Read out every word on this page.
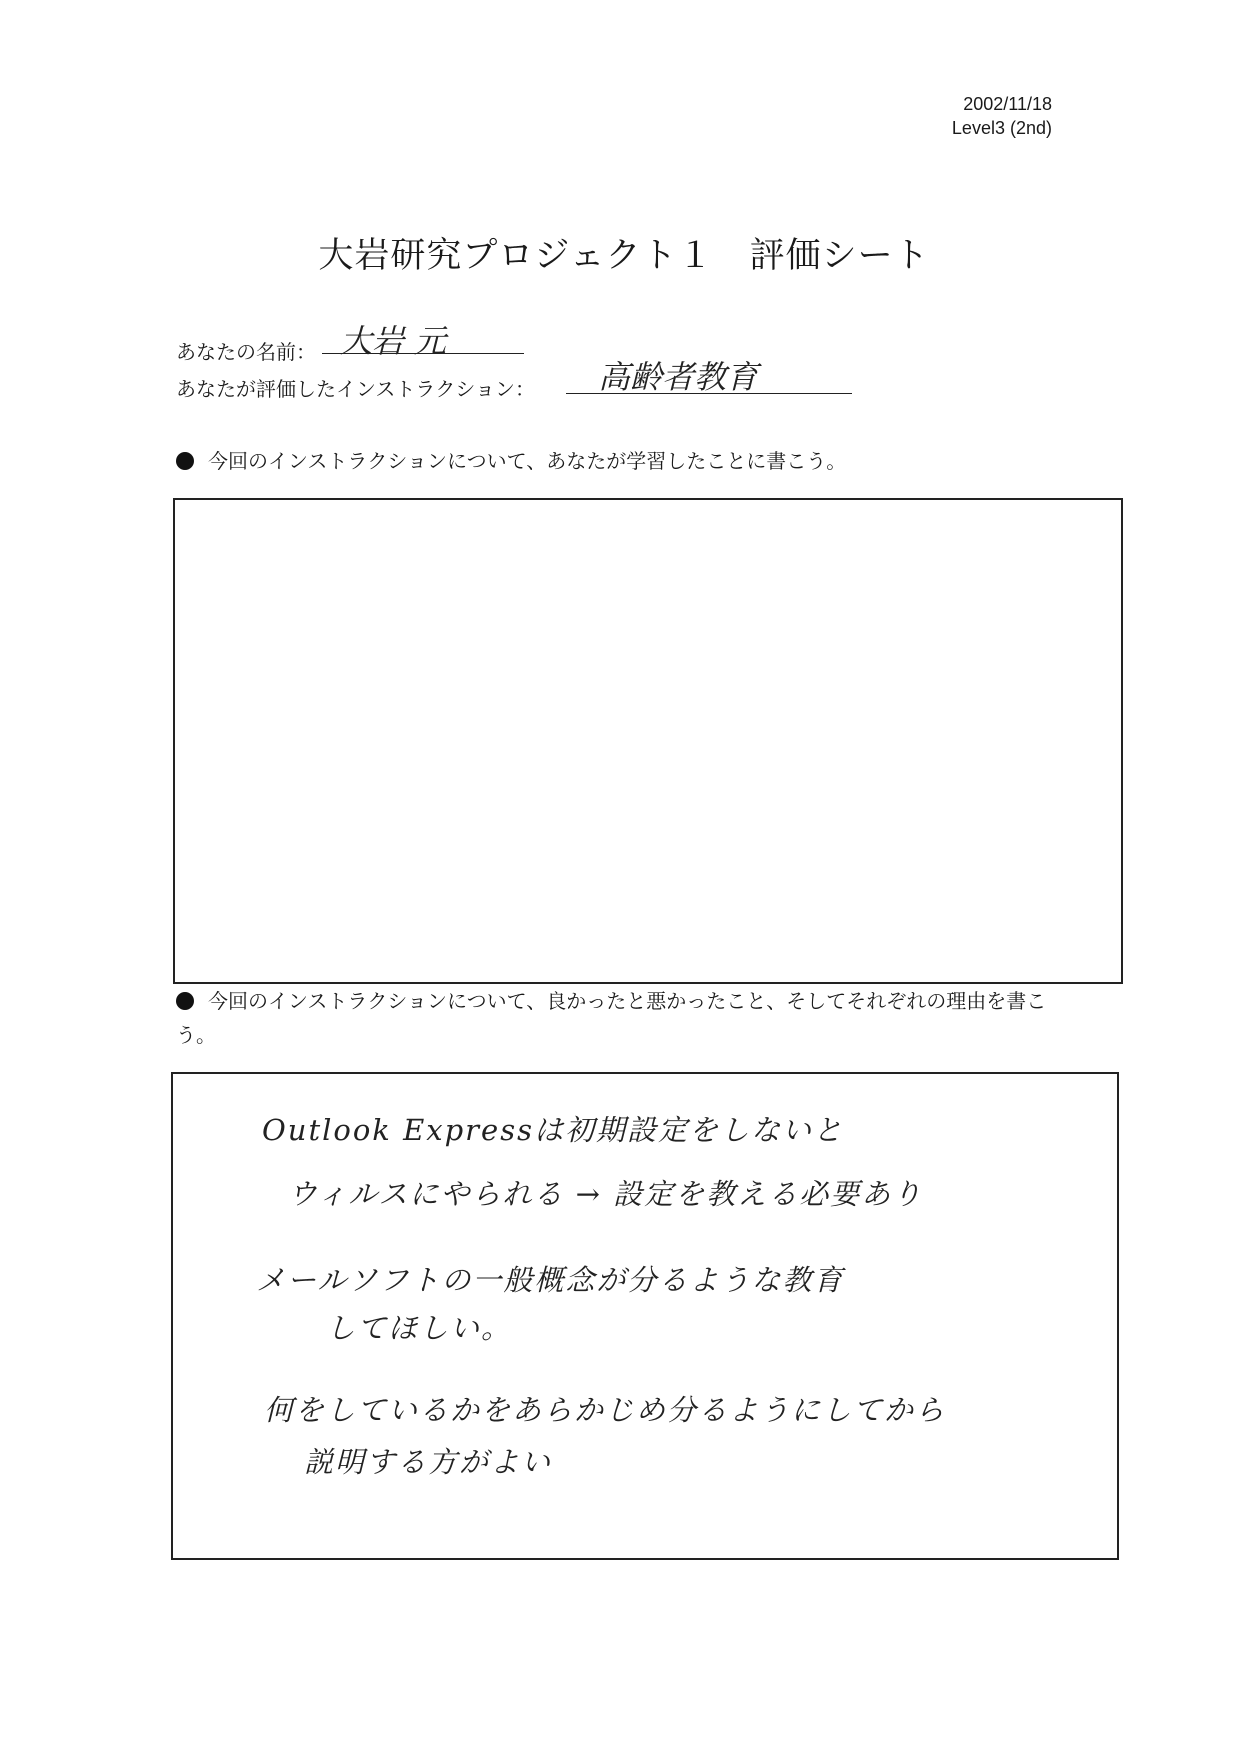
2002/11/18
Level3 (2nd)
大岩研究プロジェクト１　評価シート
あなたの名前： 大岩 元
あなたが評価したインストラクション： 高齢者教育
今回のインストラクションについて、あなたが学習したことに書こう。
今回のインストラクションについて、良かったと悪かったこと、そしてそれぞれの理由を書こう。
Outlook Expressは初期設定をしないと
ウィルスにやられる → 設定を教える必要あり
メールソフトの一般概念が分るような教育
してほしい。
何をしているかをあらかじめ分るようにしてから
説明する方がよい
